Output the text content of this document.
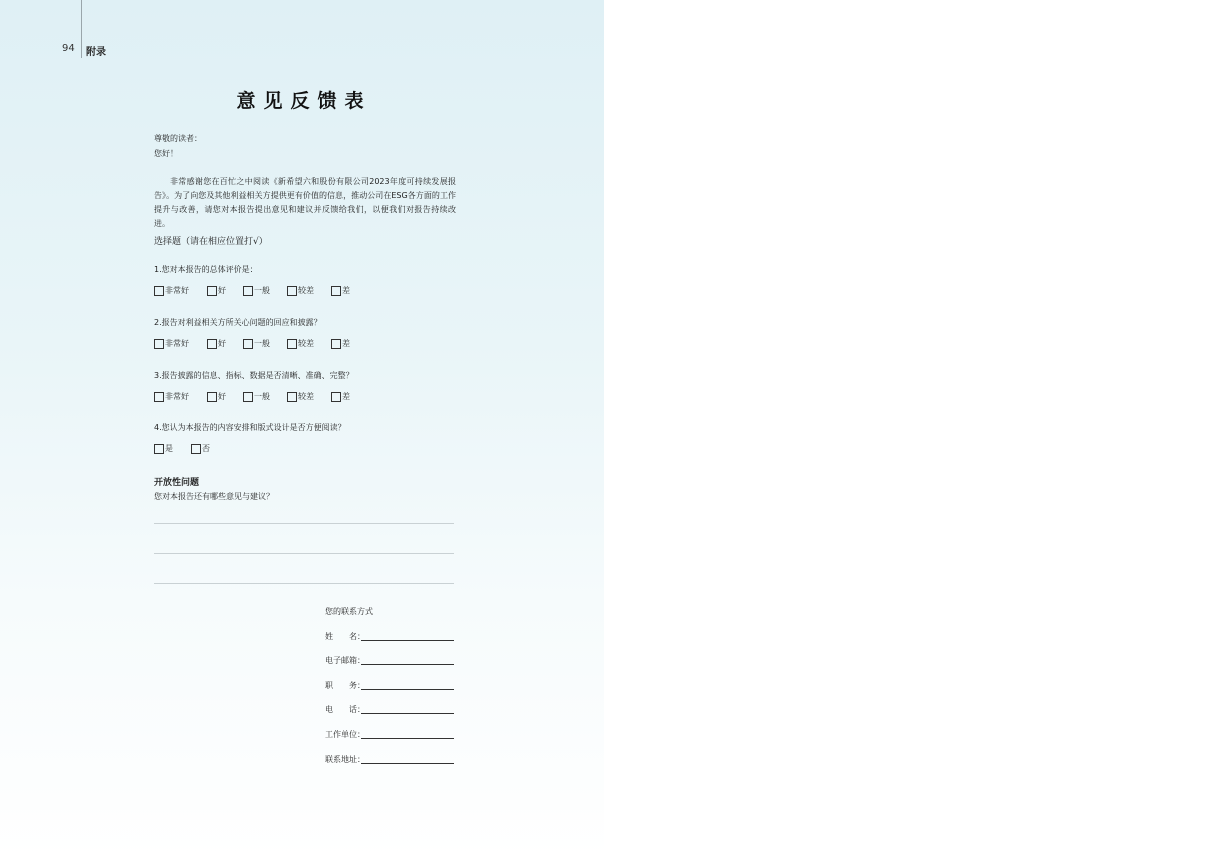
94 附录
意见反馈表
尊敬的读者：
您好！
非常感谢您在百忙之中阅读《新希望六和股份有限公司2023年度可持续发展报告》。为了向您及其他利益相关方提供更有价值的信息，推动公司在ESG各方面的工作提升与改善，请您对本报告提出意见和建议并反馈给我们，以便我们对报告持续改进。
选择题（请在相应位置打√）
1.您对本报告的总体评价是：
非常好	好	一般	较差	差
2.报告对利益相关方所关心问题的回应和披露？
非常好	好	一般	较差	差
3.报告披露的信息、指标、数据是否清晰、准确、完整？
非常好	好	一般	较差	差
4.您认为本报告的内容安排和版式设计是否方便阅读？
是	否
开放性问题
您对本报告还有哪些意见与建议？
您的联系方式
姓　　名：
电子邮箱：
职　　务：
电　　话：
工作单位：
联系地址：
